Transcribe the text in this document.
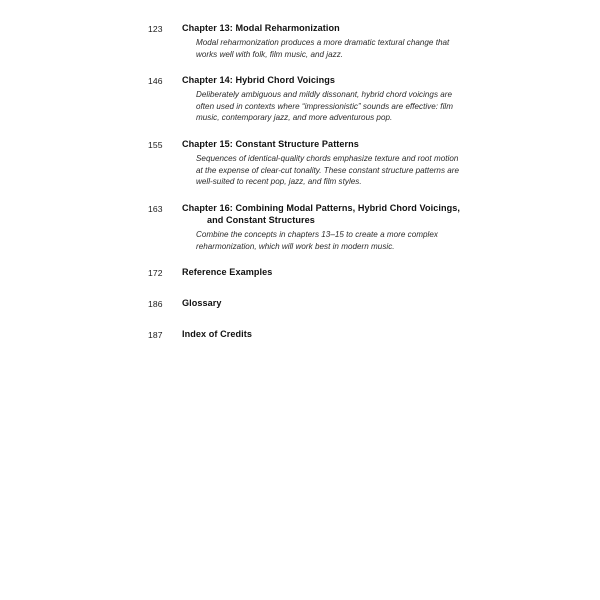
123	Chapter 13: Modal Reharmonization
Modal reharmonization produces a more dramatic textural change that works well with folk, film music, and jazz.
146	Chapter 14: Hybrid Chord Voicings
Deliberately ambiguous and mildly dissonant, hybrid chord voicings are often used in contexts where “impressionistic” sounds are effective: film music, contemporary jazz, and more adventurous pop.
155	Chapter 15: Constant Structure Patterns
Sequences of identical-quality chords emphasize texture and root motion at the expense of clear-cut tonality. These constant structure patterns are well-suited to recent pop, jazz, and film styles.
163	Chapter 16: Combining Modal Patterns, Hybrid Chord Voicings,
and Constant Structures
Combine the concepts in chapters 13–15 to create a more complex reharmonization, which will work best in modern music.
172	Reference Examples
186	Glossary
187	Index of Credits
